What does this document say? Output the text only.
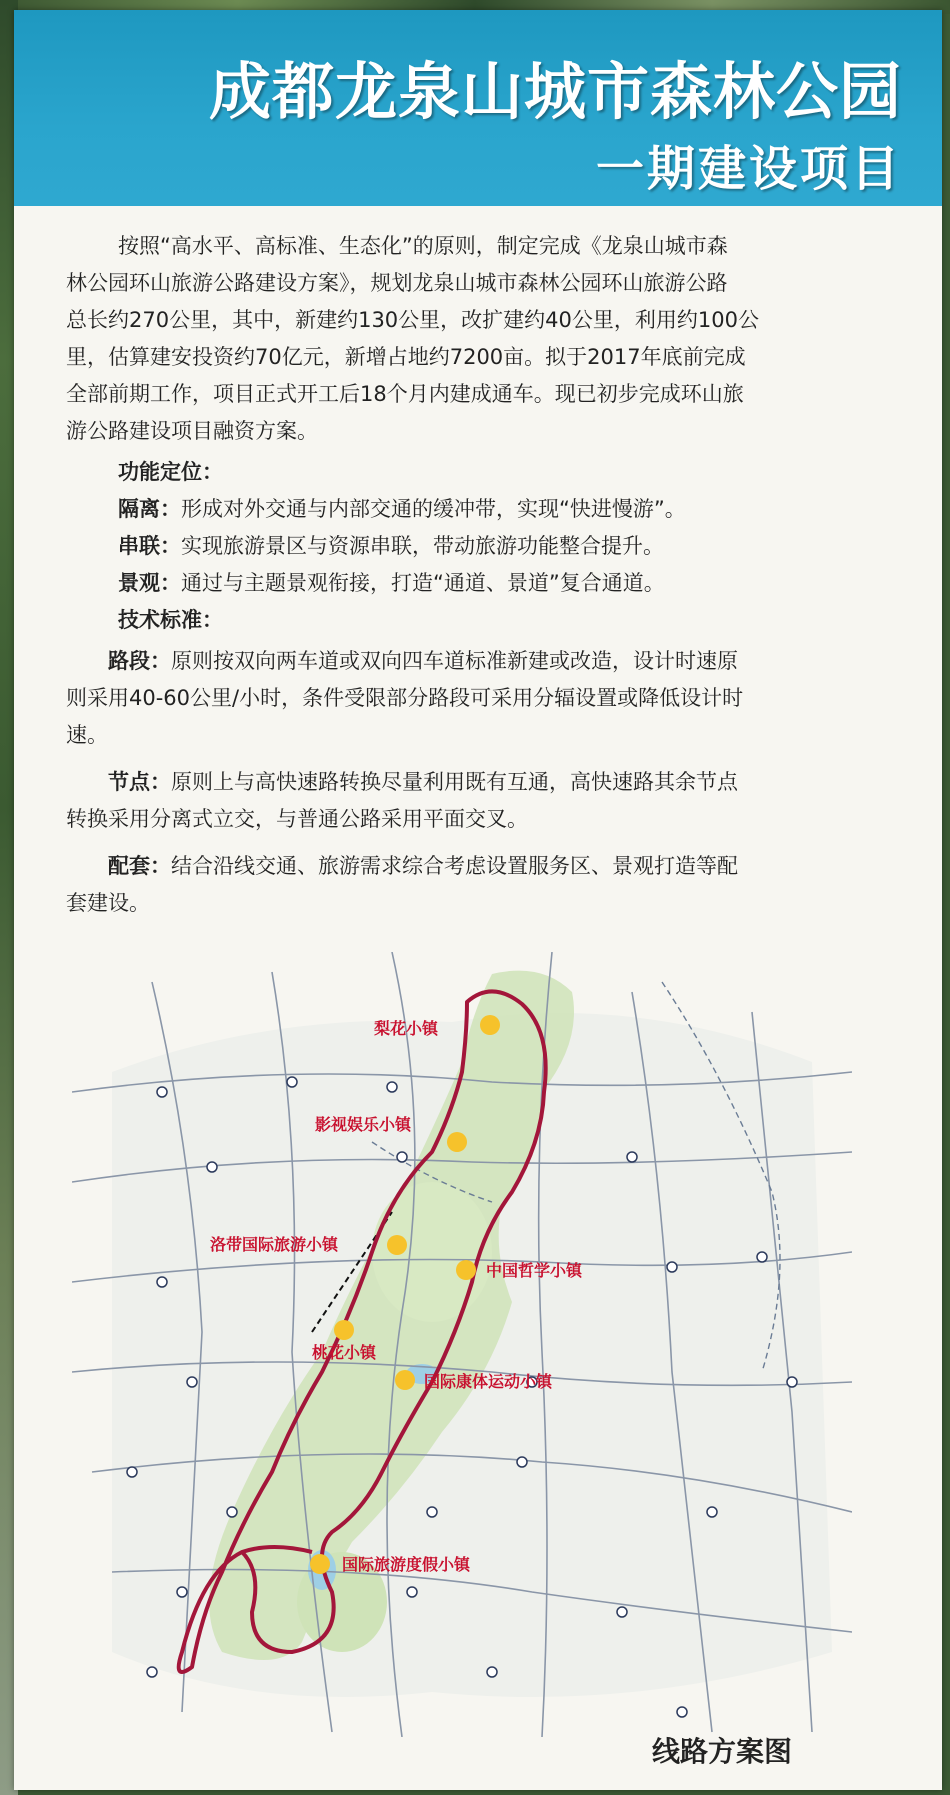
成都龙泉山城市森林公园
一期建设项目

按照“高水平、高标准、生态化”的原则，制定完成《龙泉山城市森

林公园环山旅游公路建设方案》，规划龙泉山城市森林公园环山旅游公路

总长约270公里，其中，新建约130公里，改扩建约40公里，利用约100公

里，估算建安投资约70亿元，新增占地约7200亩。拟于2017年底前完成

全部前期工作，项目正式开工后18个月内建成通车。现已初步完成环山旅

游公路建设项目融资方案。

功能定位：

隔离：形成对外交通与内部交通的缓冲带，实现“快进慢游”。

串联：实现旅游景区与资源串联，带动旅游功能整合提升。

景观：通过与主题景观衔接，打造“通道、景道”复合通道。

技术标准：

路段：原则按双向两车道或双向四车道标准新建或改造，设计时速原

则采用40-60公里/小时，条件受限部分路段可采用分辐设置或降低设计时

速。

节点：原则上与高快速路转换尽量利用既有互通，高快速路其余节点

转换采用分离式立交，与普通公路采用平面交叉。

配套：结合沿线交通、旅游需求综合考虑设置服务区、景观打造等配

套建设。

梨花小镇
影视娱乐小镇
洛带国际旅游小镇
中国哲学小镇
桃花小镇
国际康体运动小镇
国际旅游度假小镇
线路方案图
